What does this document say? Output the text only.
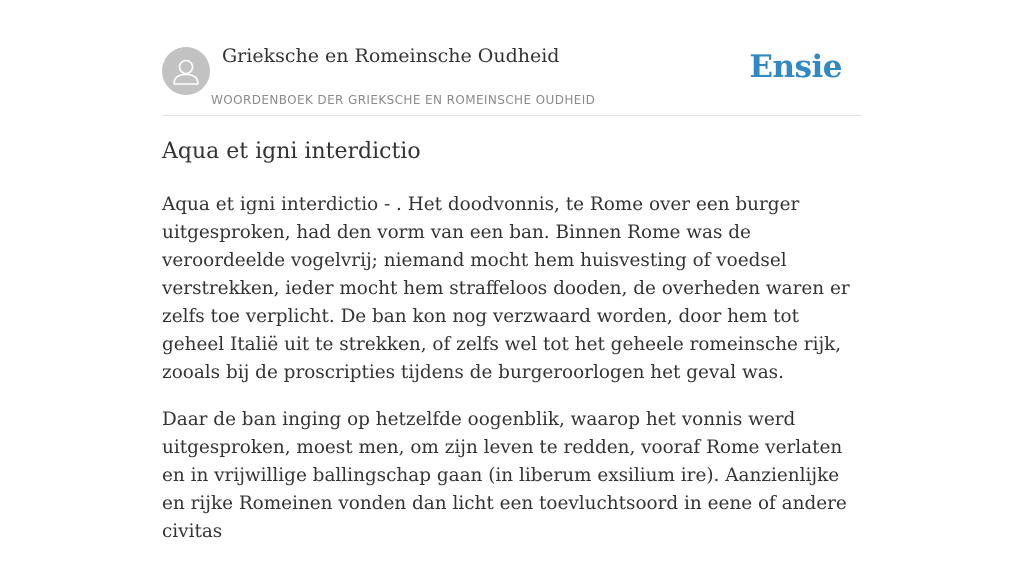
Grieksche en Romeinsche Oudheid
WOORDENBOEK DER GRIEKSCHE EN ROMEINSCHE OUDHEID
Ensie
Aqua et igni interdictio

Aqua et igni interdictio - . Het doodvonnis, te Rome over een burger uitgesproken, had den vorm van een ban. Binnen Rome was de veroordeelde vogelvrij; niemand mocht hem huisvesting of voedsel verstrekken, ieder mocht hem straffeloos dooden, de overheden waren er zelfs toe verplicht. De ban kon nog verzwaard worden, door hem tot geheel Italië uit te strekken, of zelfs wel tot het geheele romeinsche rijk, zooals bij de proscripties tijdens de burgeroorlogen het geval was.

Daar de ban inging op hetzelfde oogenblik, waarop het vonnis werd uitgesproken, moest men, om zijn leven te redden, vooraf Rome verlaten en in vrijwillige ballingschap gaan (in liberum exsilium ire). Aanzienlijke en rijke Romeinen vonden dan licht een toevluchtsoord in eene of andere civitas
